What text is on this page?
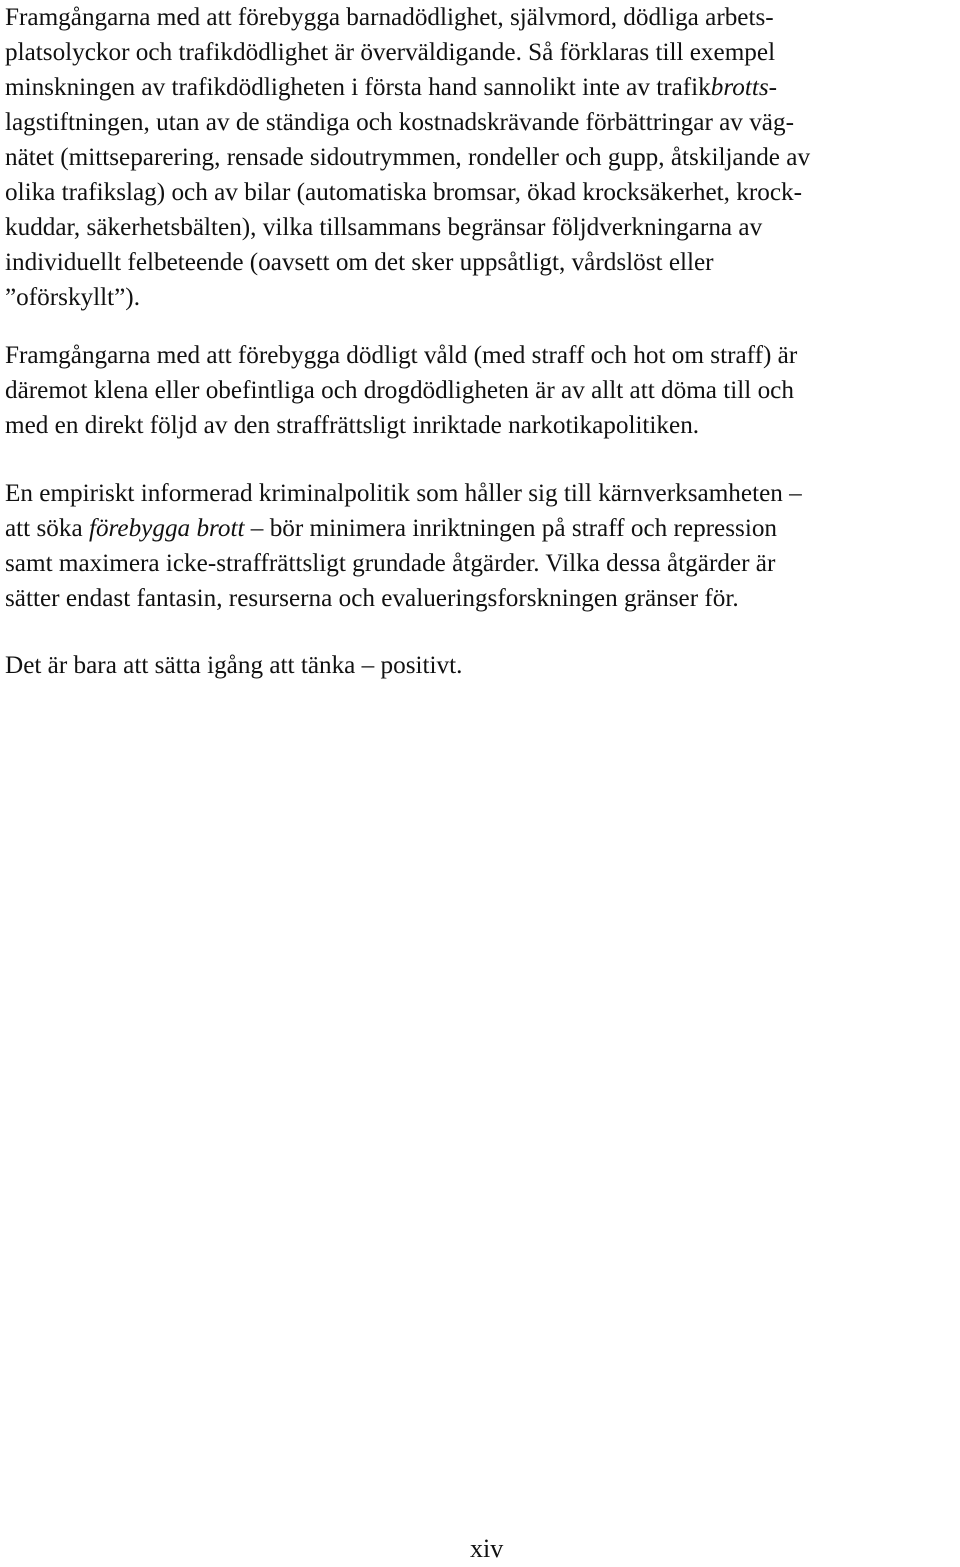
Framgångarna med att förebygga barnadödlighet, självmord, dödliga arbets-
platsolyckor och trafikdödlighet är överväldigande. Så förklaras till exempel
minskningen av trafikdödligheten i första hand sannolikt inte av trafikbrotts-
lagstiftningen, utan av de ständiga och kostnadskrävande förbättringar av väg-
nätet (mittseparering, rensade sidoutrymmen, rondeller och gupp, åtskiljande av
olika trafikslag) och av bilar (automatiska bromsar, ökad krocksäkerhet, krock-
kuddar, säkerhetsbälten), vilka tillsammans begränsar följdverkningarna av
individuellt felbeteende (oavsett om det sker uppsåtligt, vårdslöst eller
”oförskyllt”).

Framgångarna med att förebygga dödligt våld (med straff och hot om straff) är
däremot klena eller obefintliga och drogdödligheten är av allt att döma till och
med en direkt följd av den straffrättsligt inriktade narkotikapolitiken.

En empiriskt informerad kriminalpolitik som håller sig till kärnverksamheten –
att söka förebygga brott – bör minimera inriktningen på straff och repression
samt maximera icke-straffrättsligt grundade åtgärder. Vilka dessa åtgärder är
sätter endast fantasin, resurserna och evalueringsforskningen gränser för.

Det är bara att sätta igång att tänka – positivt.

xiv
